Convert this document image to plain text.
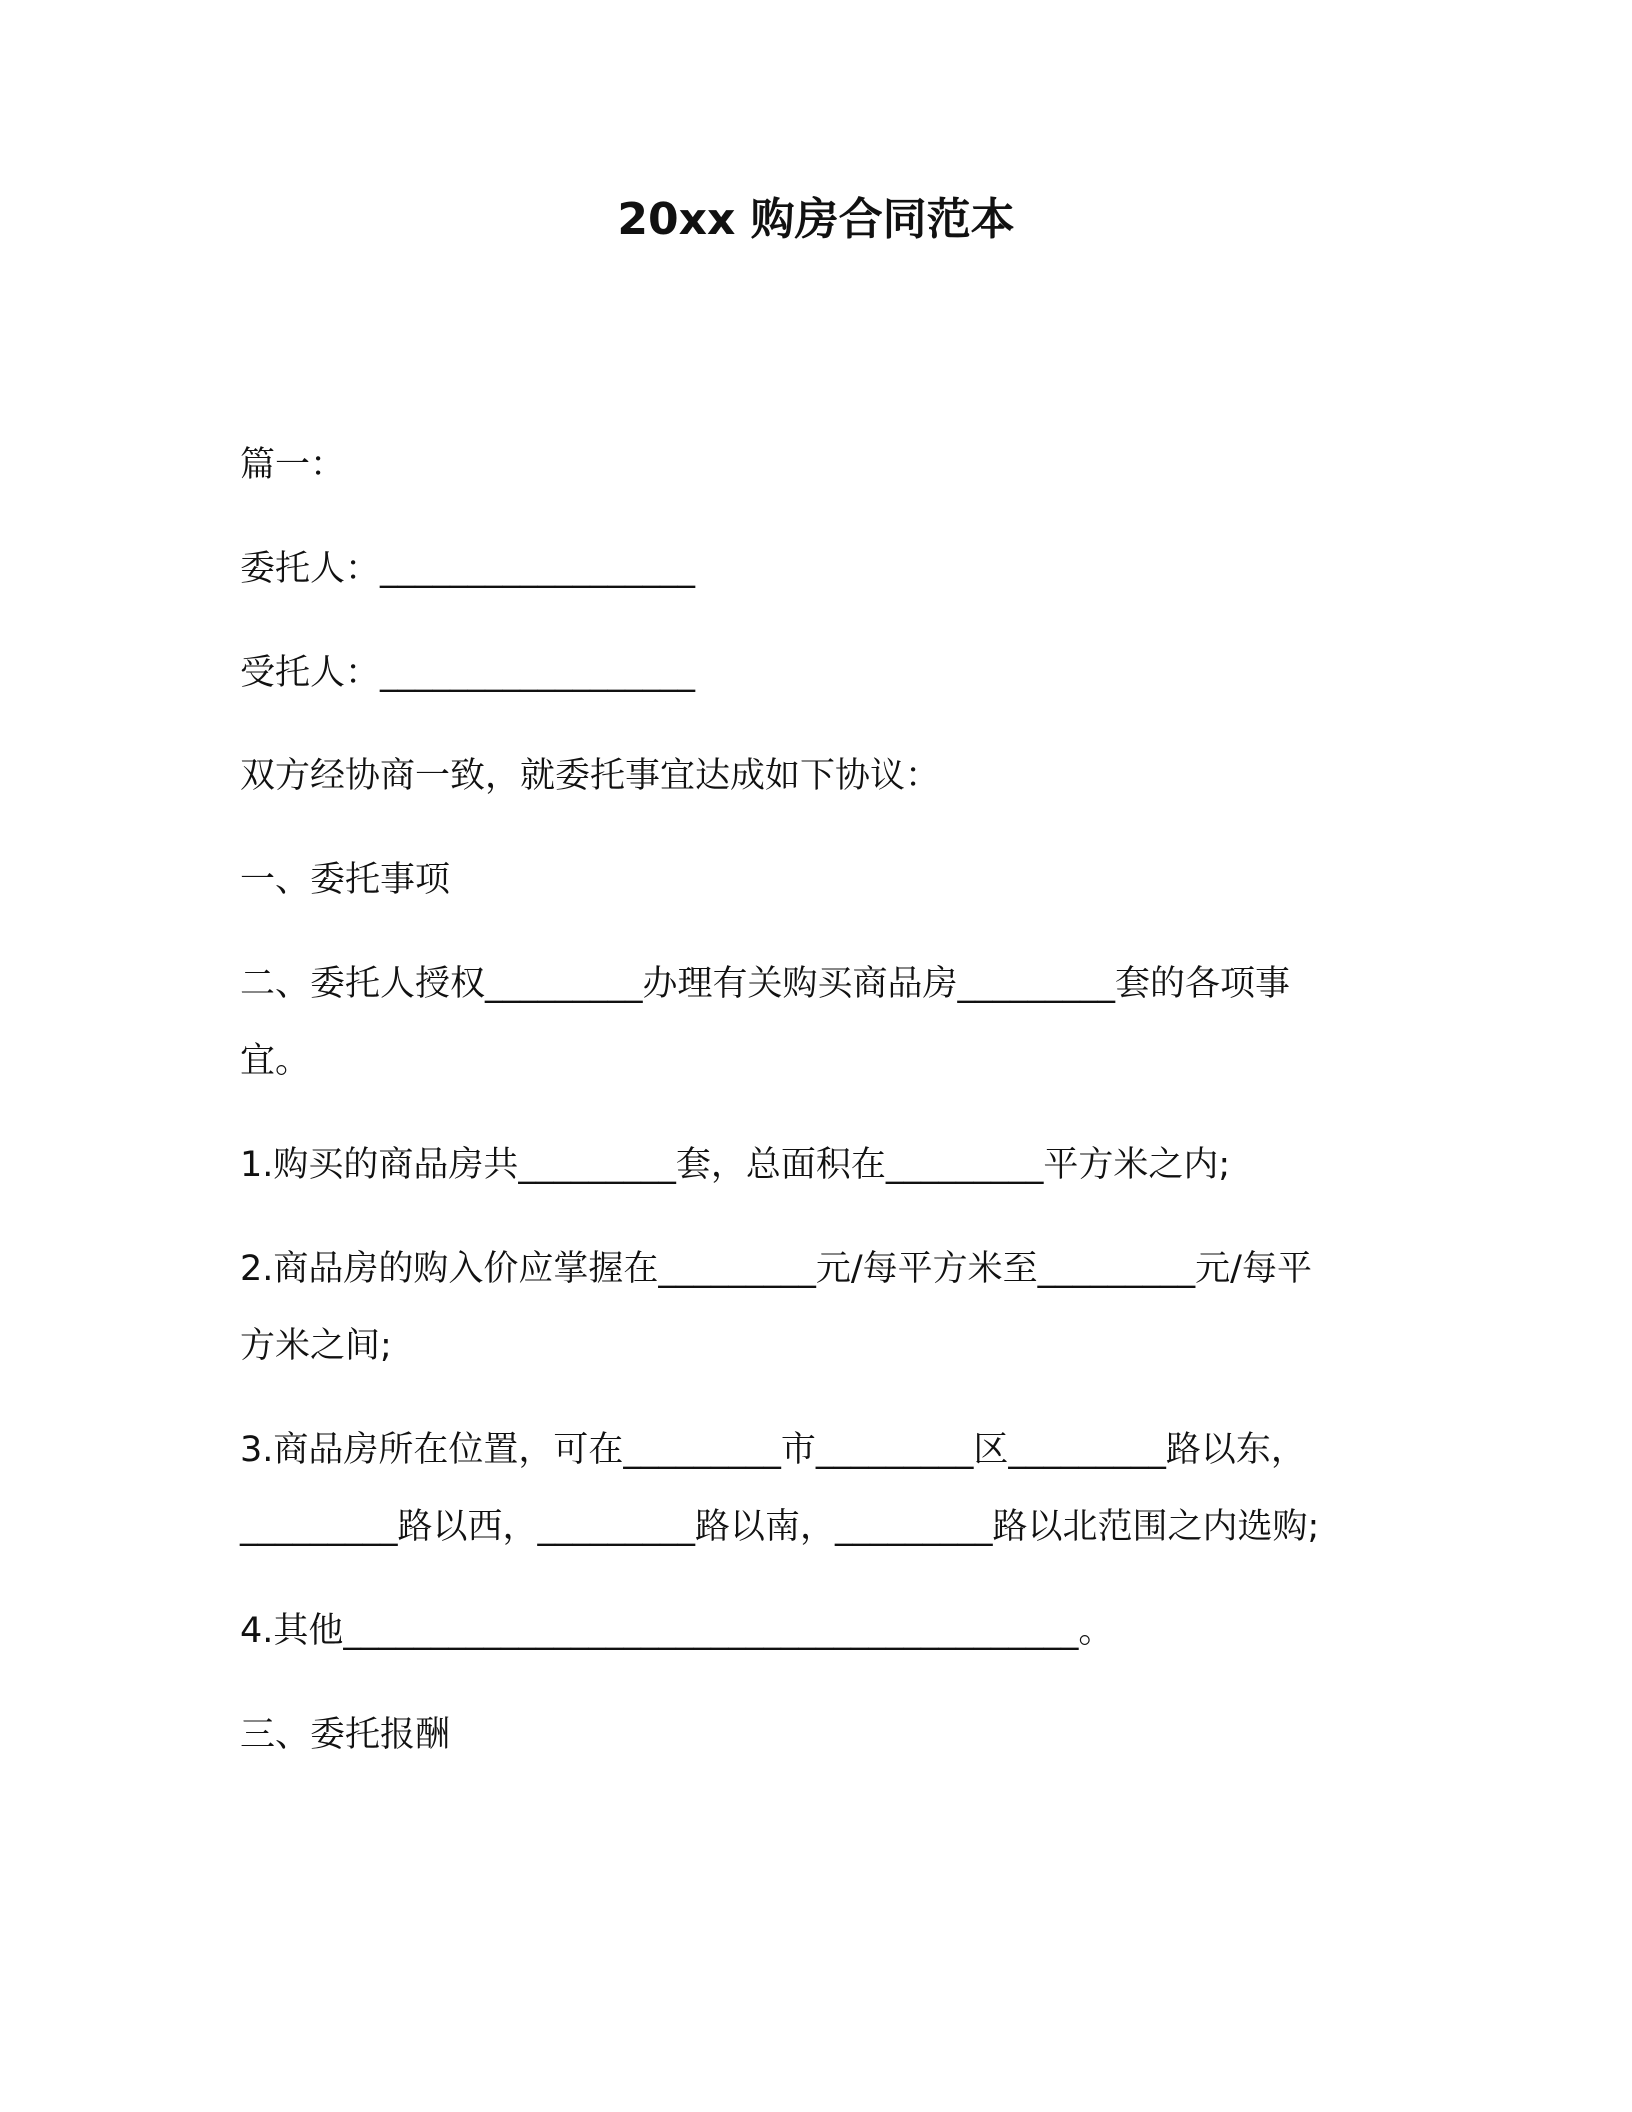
20xx 购房合同范本

篇一：

委托人：__________________

受托人：__________________

双方经协商一致，就委托事宜达成如下协议：

一、委托事项

二、委托人授权_________办理有关购买商品房_________套的各项事

宜。

1.购买的商品房共_________套，总面积在_________平方米之内;

2.商品房的购入价应掌握在_________元/每平方米至_________元/每平

方米之间;

3.商品房所在位置，可在_________市_________区_________路以东，

_________路以西，_________路以南，_________路以北范围之内选购;

4.其他__________________________________________。

三、委托报酬
